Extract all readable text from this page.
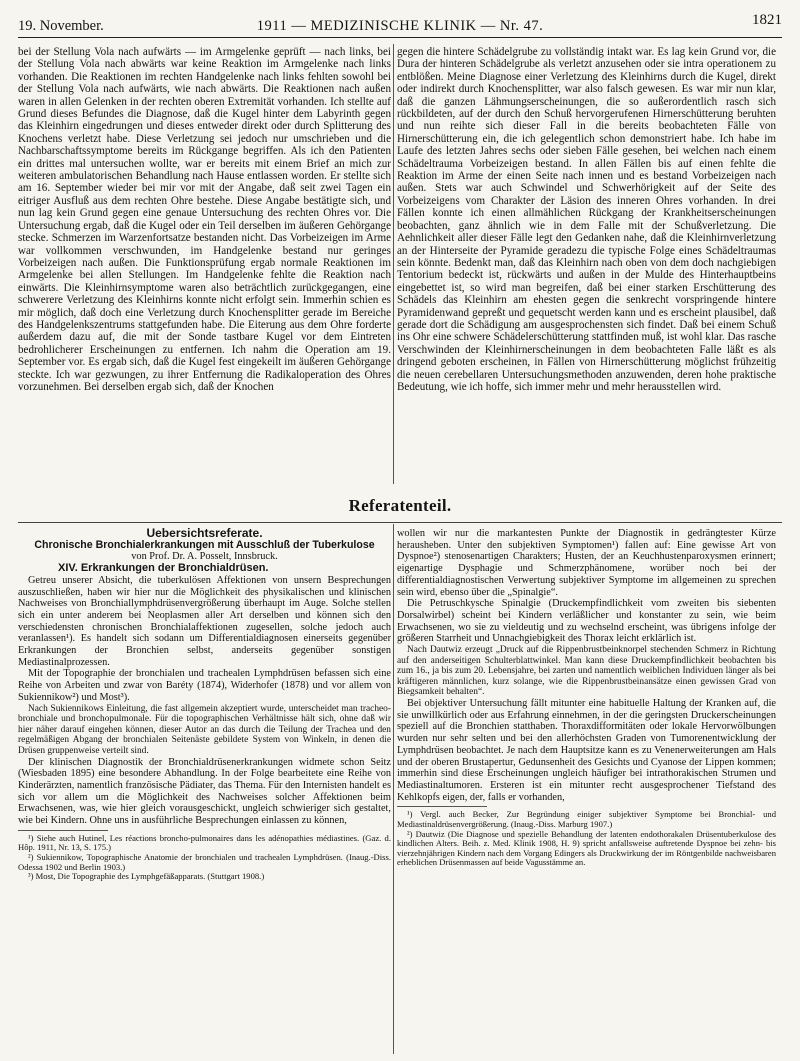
19. November.	1911 — MEDIZINISCHE KLINIK — Nr. 47.	1821

bei der Stellung Vola nach aufwärts — im Armgelenke geprüft — nach links, bei der Stellung Vola nach abwärts war keine Reaktion im Armgelenke nach links vorhanden. Die Reaktionen im rechten Handgelenke nach links fehlten sowohl bei der Stellung Vola nach aufwärts, wie nach abwärts. Die Reaktionen nach außen waren in allen Gelenken in der rechten oberen Extremität vorhanden. Ich stellte auf Grund dieses Befundes die Diagnose, daß die Kugel hinter dem Labyrinth gegen das Kleinhirn eingedrungen und dieses entweder direkt oder durch Splitterung des Knochens verletzt habe. Diese Verletzung sei jedoch nur umschrieben und die Nachbarschaftssymptome bereits im Rückgange begriffen. Als ich den Patienten ein drittes mal untersuchen wollte, war er bereits mit einem Brief an mich zur weiteren ambulatorischen Behandlung nach Hause entlassen worden. Er stellte sich am 16. September wieder bei mir vor mit der Angabe, daß seit zwei Tagen ein eitriger Ausfluß aus dem rechten Ohre bestehe. Diese Angabe bestätigte sich, und nun lag kein Grund gegen eine genaue Untersuchung des rechten Ohres vor. Die Untersuchung ergab, daß die Kugel oder ein Teil derselben im äußeren Gehörgange stecke. Schmerzen im Warzenfortsatze bestanden nicht. Das Vorbeizeigen im Arme war vollkommen verschwunden, im Handgelenke bestand nur geringes Vorbeizeigen nach außen. Die Funktionsprüfung ergab normale Reaktionen im Armgelenke bei allen Stellungen. Im Handgelenke fehlte die Reaktion nach einwärts. Die Kleinhirnsymptome waren also beträchtlich zurückgegangen, eine schwerere Verletzung des Kleinhirns konnte nicht erfolgt sein. Immerhin schien es mir möglich, daß doch eine Verletzung durch Knochensplitter gerade im Bereiche des Handgelenkszentrums stattgefunden habe. Die Eiterung aus dem Ohre forderte außerdem dazu auf, die mit der Sonde tastbare Kugel vor dem Eintreten bedrohlicherer Erscheinungen zu entfernen. Ich nahm die Operation am 19. September vor. Es ergab sich, daß die Kugel fest eingekeilt im äußeren Gehörgange steckte. Ich war gezwungen, zu ihrer Entfernung die Radikaloperation des Ohres vorzunehmen. Bei derselben ergab sich, daß der Knochen

gegen die hintere Schädelgrube zu vollständig intakt war. Es lag kein Grund vor, die Dura der hinteren Schädelgrube als verletzt anzusehen oder sie intra operationem zu entblößen. Meine Diagnose einer Verletzung des Kleinhirns durch die Kugel, direkt oder indirekt durch Knochensplitter, war also falsch gewesen. Es war mir nun klar, daß die ganzen Lähmungserscheinungen, die so außerordentlich rasch sich rückbildeten, auf der durch den Schuß hervorgerufenen Hirnerschütterung beruhten und nun reihte sich dieser Fall in die bereits beobachteten Fälle von Hirnerschütterung ein, die ich gelegentlich schon demonstriert habe. Ich habe im Laufe des letzten Jahres sechs oder sieben Fälle gesehen, bei welchen nach einem Schädeltrauma Vorbeizeigen bestand. In allen Fällen bis auf einen fehlte die Reaktion im Arme der einen Seite nach innen und es bestand Vorbeizeigen nach außen. Stets war auch Schwindel und Schwerhörigkeit auf der Seite des Vorbeizeigens vom Charakter der Läsion des inneren Ohres vorhanden. In drei Fällen konnte ich einen allmählichen Rückgang der Krankheitserscheinungen beobachten, ganz ähnlich wie in dem Falle mit der Schußverletzung. Die Aehnlichkeit aller dieser Fälle legt den Gedanken nahe, daß die Kleinhirnverletzung an der Hinterseite der Pyramide geradezu die typische Folge eines Schädeltraumas sein könnte. Bedenkt man, daß das Kleinhirn nach oben von dem doch nachgiebigen Tentorium bedeckt ist, rückwärts und außen in der Mulde des Hinterhauptbeins eingebettet ist, so wird man begreifen, daß bei einer starken Erschütterung des Schädels das Kleinhirn am ehesten gegen die senkrecht vorspringende hintere Pyramidenwand gepreßt und gequetscht werden kann und es erscheint plausibel, daß gerade dort die Schädigung am ausgesprochensten sich findet. Daß bei einem Schuß ins Ohr eine schwere Schädelerschütterung stattfinden muß, ist wohl klar. Das rasche Verschwinden der Kleinhirnerscheinungen in dem beobachteten Falle läßt es als dringend geboten erscheinen, in Fällen von Hirnerschütterung möglichst frühzeitig die neuen cerebellaren Untersuchungsmethoden anzuwenden, deren hohe praktische Bedeutung, wie ich hoffe, sich immer mehr und mehr herausstellen wird.

Referatenteil.

Uebersichtsreferate.

Chronische Bronchialerkrankungen mit Ausschluß der Tuberkulose

von Prof. Dr. A. Posselt, Innsbruck.

XIV. Erkrankungen der Bronchialdrüsen.

Getreu unserer Absicht, die tuberkulösen Affektionen von unsern Besprechungen auszuschließen, haben wir hier nur die Möglichkeit des physikalischen und klinischen Nachweises von Bronchiallymphdrüsenvergrößerung überhaupt im Auge. Solche stellen sich ein unter anderem bei Neoplasmen aller Art derselben und können sich den verschiedensten chronischen Bronchialaffektionen zugesellen, solche jedoch auch veranlassen¹). Es handelt sich sodann um Differentialdiagnosen einerseits gegenüber Erkrankungen der Bronchien selbst, anderseits gegenüber sonstigen Mediastinalprozessen.

Mit der Topographie der bronchialen und trachealen Lymphdrüsen befassen sich eine Reihe von Arbeiten und zwar von Baréty (1874), Widerhofer (1878) und vor allem von Sukiennikow²) und Most³).

Nach Sukiennikows Einleitung, die fast allgemein akzeptiert wurde, unterscheidet man tracheo-bronchiale und bronchopulmonale. Für die topographischen Verhältnisse hält sich, ohne daß wir hier näher darauf eingehen können, dieser Autor an das durch die Teilung der Trachea und den regelmäßigen Abgang der bronchialen Seitenäste gebildete System von Winkeln, in denen die Drüsen gruppenweise verteilt sind.

Der klinischen Diagnostik der Bronchialdrüsenerkrankungen widmete schon Seitz (Wiesbaden 1895) eine besondere Abhandlung. In der Folge bearbeitete eine Reihe von Kinderärzten, namentlich französische Pädiater, das Thema. Für den Internisten handelt es sich vor allem um die Möglichkeit des Nachweises solcher Affektionen beim Erwachsenen, was, wie hier gleich vorausgeschickt, ungleich schwieriger sich gestaltet, wie bei Kindern. Ohne uns in ausführliche Besprechungen einlassen zu können,

¹) Siehe auch Hutinel, Les réactions broncho-pulmonaires dans les adénopathies médiastines. (Gaz. d. Hôp. 1911, Nr. 13, S. 175.)

²) Sukiennikow, Topographische Anatomie der bronchialen und trachealen Lymphdrüsen. (Inaug.-Diss. Odessa 1902 und Berlin 1903.)

³) Most, Die Topographie des Lymphgefäßapparats. (Stuttgart 1908.)

wollen wir nur die markantesten Punkte der Diagnostik in gedrängtester Kürze herausheben. Unter den subjektiven Symptomen¹) fallen auf: Eine gewisse Art von Dyspnoe²) stenosenartigen Charakters; Husten, der an Keuchhustenparoxysmen erinnert; eigenartige Dysphagie und Schmerzphänomene, worüber noch bei der differentialdiagnostischen Verwertung subjektiver Symptome im allgemeinen zu sprechen sein wird, ebenso über die „Spinalgie“.

Die Petruschkysche Spinalgie (Druckempfindlichkeit vom zweiten bis siebenten Dorsalwirbel) scheint bei Kindern verläßlicher und konstanter zu sein, wie beim Erwachsenen, wo sie zu vieldeutig und zu wechselnd erscheint, was übrigens infolge der größeren Starrheit und Unnachgiebigkeit des Thorax leicht erklärlich ist.

Nach Dautwiz erzeugt „Druck auf die Rippenbrustbeinknorpel stechenden Schmerz in Richtung auf den anderseitigen Schulterblattwinkel. Man kann diese Druckempfindlichkeit beobachten bis zum 16., ja bis zum 20. Lebensjahre, bei zarten und namentlich weiblichen Individuen länger als bei kräftigeren männlichen, kurz solange, wie die Rippenbrustbeinansätze einen gewissen Grad von Biegsamkeit behalten“.

Bei objektiver Untersuchung fällt mitunter eine habituelle Haltung der Kranken auf, die sie unwillkürlich oder aus Erfahrung einnehmen, in der die geringsten Druckerscheinungen speziell auf die Bronchien statthaben. Thoraxdifformitäten oder lokale Hervorwölbungen wurden nur sehr selten und bei den allerhöchsten Graden von Tumorenentwicklung der Lymphdrüsen beobachtet. Je nach dem Hauptsitze kann es zu Venenerweiterungen am Hals und der oberen Brustapertur, Gedunsenheit des Gesichts und Cyanose der Lippen kommen; immerhin sind diese Erscheinungen ungleich häufiger bei intrathorakischen Strumen und Mediastinaltumoren. Ersteren ist ein mitunter recht ausgesprochener Tiefstand des Kehlkopfs eigen, der, falls er vorhanden,

¹) Vergl. auch Becker, Zur Begründung einiger subjektiver Symptome bei Bronchial- und Mediastinaldrüsenvergrößerung. (Inaug.-Diss. Marburg 1907.)

²) Dautwiz (Die Diagnose und spezielle Behandlung der latenten endothorakalen Drüsentuberkulose des kindlichen Alters. Beih. z. Med. Klinik 1908, H. 9) spricht anfallsweise auftretende Dyspnoe bei zehn- bis vierzehnjährigen Kindern nach dem Vorgang Edingers als Druckwirkung der im Röntgenbilde nachweisbaren erheblichen Drüsenmassen auf beide Vagusstämme an.
